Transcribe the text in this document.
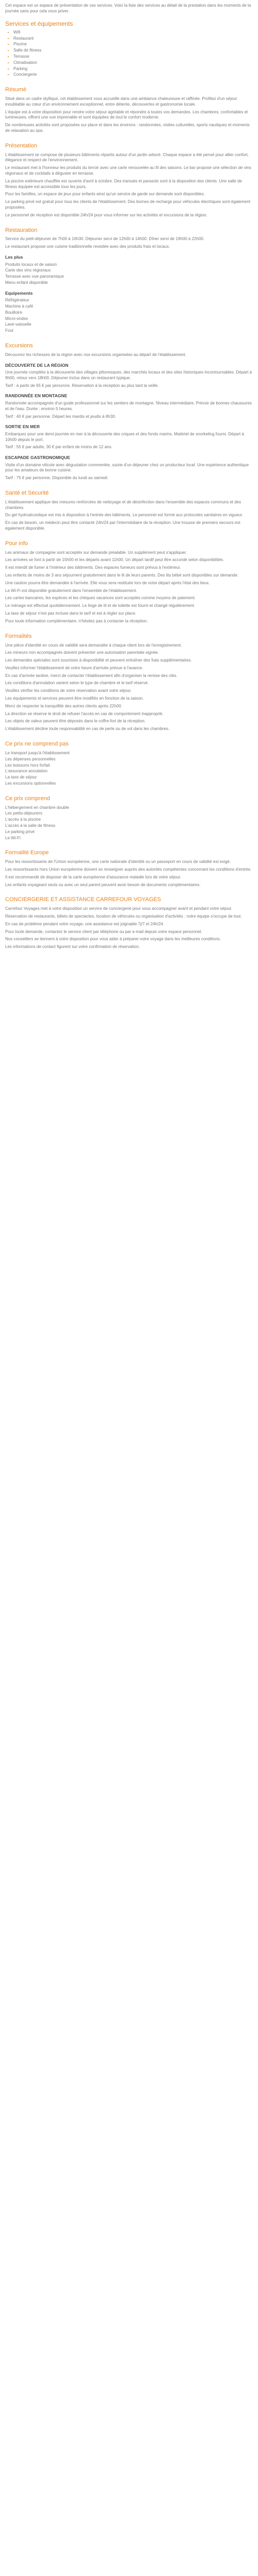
Cet espace est un espace de présentation de ces services. Voici la liste des services au détail de la prestation dans les moments de la journée sans pour cela vous priver.

Services et équipements
• Wifi
• Restaurant
• Piscine
• Salle de fitness
• Terrasse
• Climatisation
• Parking
• Conciergerie
Résumé

Situé dans un cadre idyllique, cet établissement vous accueille dans une ambiance chaleureuse et raffinée. Profitez d'un séjour inoubliable au cœur d'un environnement exceptionnel, entre détente, découvertes et gastronomie locale.

L'équipe est à votre disposition pour rendre votre séjour agréable et répondre à toutes vos demandes. Les chambres, confortables et lumineuses, offrent une vue imprenable et sont équipées de tout le confort moderne.

De nombreuses activités sont proposées sur place et dans les environs : randonnées, visites culturelles, sports nautiques et moments de relaxation au spa.

Présentation

L'établissement se compose de plusieurs bâtiments répartis autour d'un jardin arboré. Chaque espace a été pensé pour allier confort, élégance et respect de l'environnement.

Le restaurant met à l'honneur les produits du terroir avec une carte renouvelée au fil des saisons. Le bar propose une sélection de vins régionaux et de cocktails à déguster en terrasse.

La piscine extérieure chauffée est ouverte d'avril à octobre. Des transats et parasols sont à la disposition des clients. Une salle de fitness équipée est accessible tous les jours.

Pour les familles, un espace de jeux pour enfants ainsi qu'un service de garde sur demande sont disponibles.

Le parking privé est gratuit pour tous les clients de l'établissement. Des bornes de recharge pour véhicules électriques sont également proposées.

Le personnel de réception est disponible 24h/24 pour vous informer sur les activités et excursions de la région.

Restauration

Service du petit-déjeuner de 7h00 à 10h30. Déjeuner servi de 12h00 à 14h00. Dîner servi de 19h00 à 22h00.

Le restaurant propose une cuisine traditionnelle revisitée avec des produits frais et locaux.

Les plus
Produits locaux et de saison
Carte des vins régionaux
Terrasse avec vue panoramique
Menu enfant disponible
Equipements
Réfrigérateur
Machine à café
Bouilloire
Micro-ondes
Lave-vaisselle
Four
Excursions

Découvrez les richesses de la région avec nos excursions organisées au départ de l'établissement.

DÉCOUVERTE DE LA RÉGION

Une journée complète à la découverte des villages pittoresques, des marchés locaux et des sites historiques incontournables. Départ à 9h00, retour vers 18h00. Déjeuner inclus dans un restaurant typique.

Tarif : à partir de 65 € par personne. Réservation à la réception au plus tard la veille.

RANDONNÉE EN MONTAGNE

Randonnée accompagnée d'un guide professionnel sur les sentiers de montagne. Niveau intermédiaire. Prévoir de bonnes chaussures et de l'eau. Durée : environ 5 heures.

Tarif : 40 € par personne. Départ les mardis et jeudis à 8h30.

SORTIE EN MER

Embarquez pour une demi-journée en mer à la découverte des criques et des fonds marins. Matériel de snorkeling fourni. Départ à 10h00 depuis le port.

Tarif : 55 € par adulte, 30 € par enfant de moins de 12 ans.

ESCAPADE GASTRONOMIQUE

Visite d'un domaine viticole avec dégustation commentée, suivie d'un déjeuner chez un producteur local. Une expérience authentique pour les amateurs de bonne cuisine.

Tarif : 75 € par personne. Disponible du lundi au samedi.

Santé et Sécurité

L'établissement applique des mesures renforcées de nettoyage et de désinfection dans l'ensemble des espaces communs et des chambres.

Du gel hydroalcoolique est mis à disposition à l'entrée des bâtiments. Le personnel est formé aux protocoles sanitaires en vigueur.

En cas de besoin, un médecin peut être contacté 24h/24 par l'intermédiaire de la réception. Une trousse de premiers secours est également disponible.

Pour info

Les animaux de compagnie sont acceptés sur demande préalable. Un supplément peut s'appliquer.

Les arrivées se font à partir de 15h00 et les départs avant 11h00. Un départ tardif peut être accordé selon disponibilités.

Il est interdit de fumer à l'intérieur des bâtiments. Des espaces fumeurs sont prévus à l'extérieur.

Les enfants de moins de 3 ans séjournent gratuitement dans le lit de leurs parents. Des lits bébé sont disponibles sur demande.

Une caution pourra être demandée à l'arrivée. Elle vous sera restituée lors de votre départ après l'état des lieux.

Le Wi-Fi est disponible gratuitement dans l'ensemble de l'établissement.

Les cartes bancaires, les espèces et les chèques vacances sont acceptés comme moyens de paiement.

Le ménage est effectué quotidiennement. Le linge de lit et de toilette est fourni et changé régulièrement.

La taxe de séjour n'est pas incluse dans le tarif et est à régler sur place.

Pour toute information complémentaire, n'hésitez pas à contacter la réception.

Formalités

Une pièce d'identité en cours de validité sera demandée à chaque client lors de l'enregistrement.

Les mineurs non accompagnés doivent présenter une autorisation parentale signée.

Les demandes spéciales sont soumises à disponibilité et peuvent entraîner des frais supplémentaires.

Veuillez informer l'établissement de votre heure d'arrivée prévue à l'avance.

En cas d'arrivée tardive, merci de contacter l'établissement afin d'organiser la remise des clés.

Les conditions d'annulation varient selon le type de chambre et le tarif réservé.

Veuillez vérifier les conditions de votre réservation avant votre séjour.

Les équipements et services peuvent être modifiés en fonction de la saison.

Merci de respecter la tranquillité des autres clients après 22h00.

La direction se réserve le droit de refuser l'accès en cas de comportement inapproprié.

Les objets de valeur peuvent être déposés dans le coffre-fort de la réception.

L'établissement décline toute responsabilité en cas de perte ou de vol dans les chambres.

Ce prix ne comprend pas
Le transport jusqu'à l'établissement
Les dépenses personnelles
Les boissons hors forfait
L'assurance annulation
La taxe de séjour
Les excursions optionnelles
Ce prix comprend
L'hébergement en chambre double
Les petits-déjeuners
L'accès à la piscine
L'accès à la salle de fitness
Le parking privé
Le Wi-Fi
Formalité Europe

Pour les ressortissants de l'Union européenne, une carte nationale d'identité ou un passeport en cours de validité est exigé.

Les ressortissants hors Union européenne doivent se renseigner auprès des autorités compétentes concernant les conditions d'entrée.

Il est recommandé de disposer de la carte européenne d'assurance maladie lors de votre séjour.

Les enfants voyageant seuls ou avec un seul parent peuvent avoir besoin de documents complémentaires.

CONCIERGERIE ET ASSISTANCE CARREFOUR VOYAGES

Carrefour Voyages met à votre disposition un service de conciergerie pour vous accompagner avant et pendant votre séjour.

Réservation de restaurants, billets de spectacles, location de véhicules ou organisation d'activités : notre équipe s'occupe de tout.

En cas de problème pendant votre voyage, une assistance est joignable 7j/7 et 24h/24.

Pour toute demande, contactez le service client par téléphone ou par e-mail depuis votre espace personnel.

Nos conseillers se tiennent à votre disposition pour vous aider à préparer votre voyage dans les meilleures conditions.

Les informations de contact figurent sur votre confirmation de réservation.
